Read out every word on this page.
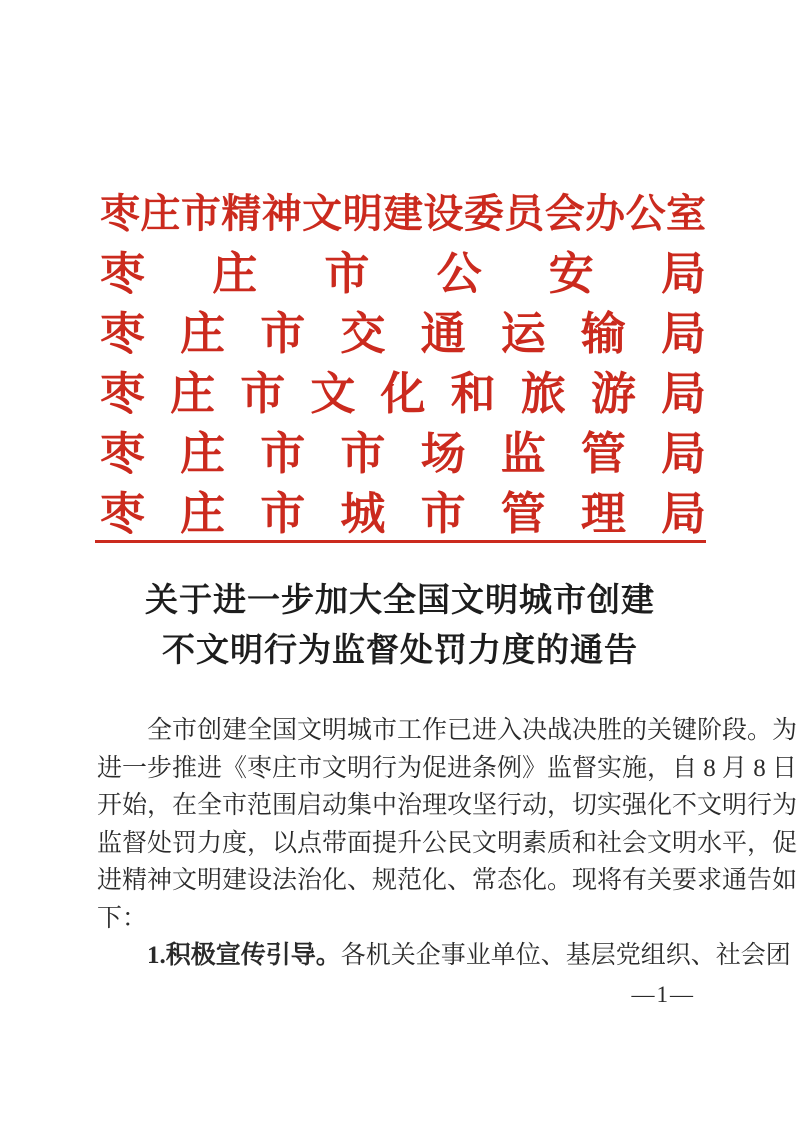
枣庄市精神文明建设委员会办公室
枣庄市公安局
枣庄市交通运输局
枣庄市文化和旅游局
枣庄市市场监管局
枣庄市城市管理局
关于进一步加大全国文明城市创建
不文明行为监督处罚力度的通告
全市创建全国文明城市工作已进入决战决胜的关键阶段。为
进一步推进《枣庄市文明行为促进条例》监督实施，自 8 月 8 日
开始，在全市范围启动集中治理攻坚行动，切实强化不文明行为
监督处罚力度，以点带面提升公民文明素质和社会文明水平，促
进精神文明建设法治化、规范化、常态化。现将有关要求通告如
下：
1.积极宣传引导。各机关企事业单位、基层党组织、社会团
—1—
